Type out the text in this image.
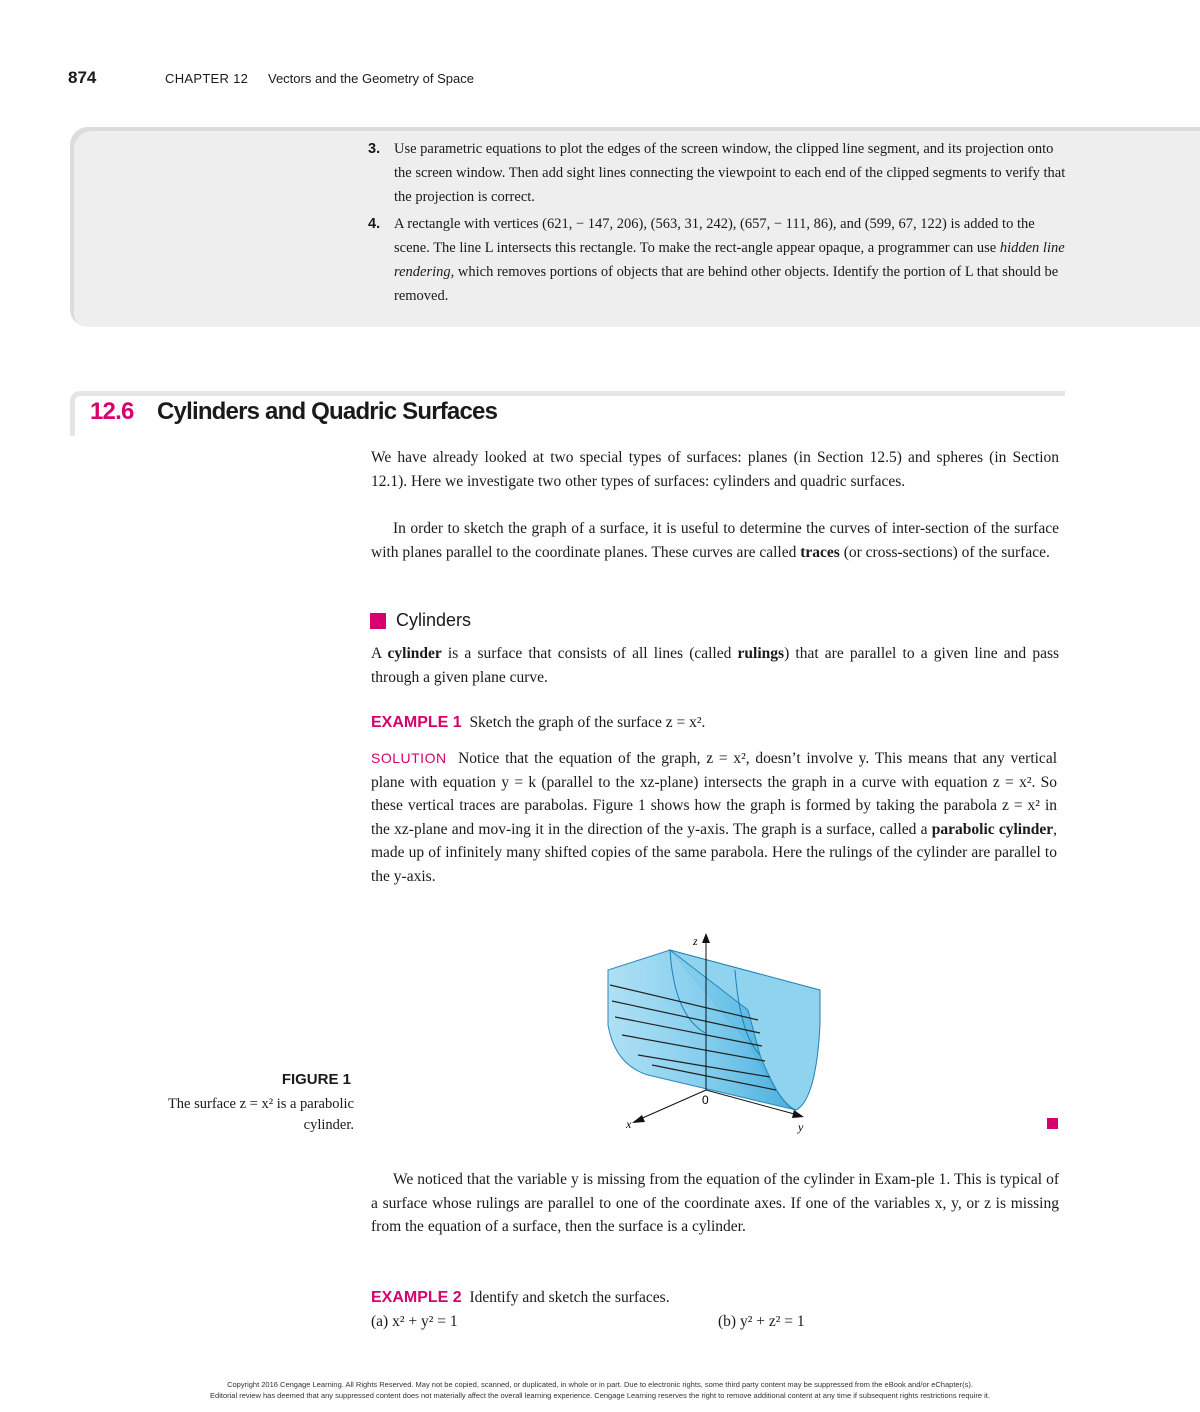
874	CHAPTER 12 Vectors and the Geometry of Space
3. Use parametric equations to plot the edges of the screen window, the clipped line segment, and its projection onto the screen window. Then add sight lines connecting the viewpoint to each end of the clipped segments to verify that the projection is correct.
4. A rectangle with vertices (621, − 147, 206), (563, 31, 242), (657, − 111, 86), and (599, 67, 122) is added to the scene. The line L intersects this rectangle. To make the rect-angle appear opaque, a programmer can use hidden line rendering, which removes portions of objects that are behind other objects. Identify the portion of L that should be removed.
12.6 Cylinders and Quadric Surfaces
We have already looked at two special types of surfaces: planes (in Section 12.5) and spheres (in Section 12.1). Here we investigate two other types of surfaces: cylinders and quadric surfaces.
In order to sketch the graph of a surface, it is useful to determine the curves of inter-section of the surface with planes parallel to the coordinate planes. These curves are called traces (or cross-sections) of the surface.
Cylinders
A cylinder is a surface that consists of all lines (called rulings) that are parallel to a given line and pass through a given plane curve.
EXAMPLE 1 Sketch the graph of the surface z = x².
SOLUTION Notice that the equation of the graph, z = x², doesn’t involve y. This means that any vertical plane with equation y = k (parallel to the xz-plane) intersects the graph in a curve with equation z = x². So these vertical traces are parabolas. Figure 1 shows how the graph is formed by taking the parabola z = x² in the xz-plane and mov-ing it in the direction of the y-axis. The graph is a surface, called a parabolic cylinder, made up of infinitely many shifted copies of the same parabola. Here the rulings of the cylinder are parallel to the y-axis.
z
0
x	y
FIGURE 1
The surface z = x² is a parabolic cylinder.
We noticed that the variable y is missing from the equation of the cylinder in Exam-ple 1. This is typical of a surface whose rulings are parallel to one of the coordinate axes. If one of the variables x, y, or z is missing from the equation of a surface, then the surface is a cylinder.
EXAMPLE 2 Identify and sketch the surfaces.
(a) x² + y² = 1	(b) y² + z² = 1
Copyright 2016 Cengage Learning. All Rights Reserved. May not be copied, scanned, or duplicated, in whole or in part. Due to electronic rights, some third party content may be suppressed from the eBook and/or eChapter(s).
Editorial review has deemed that any suppressed content does not materially affect the overall learning experience. Cengage Learning reserves the right to remove additional content at any time if subsequent rights restrictions require it.
